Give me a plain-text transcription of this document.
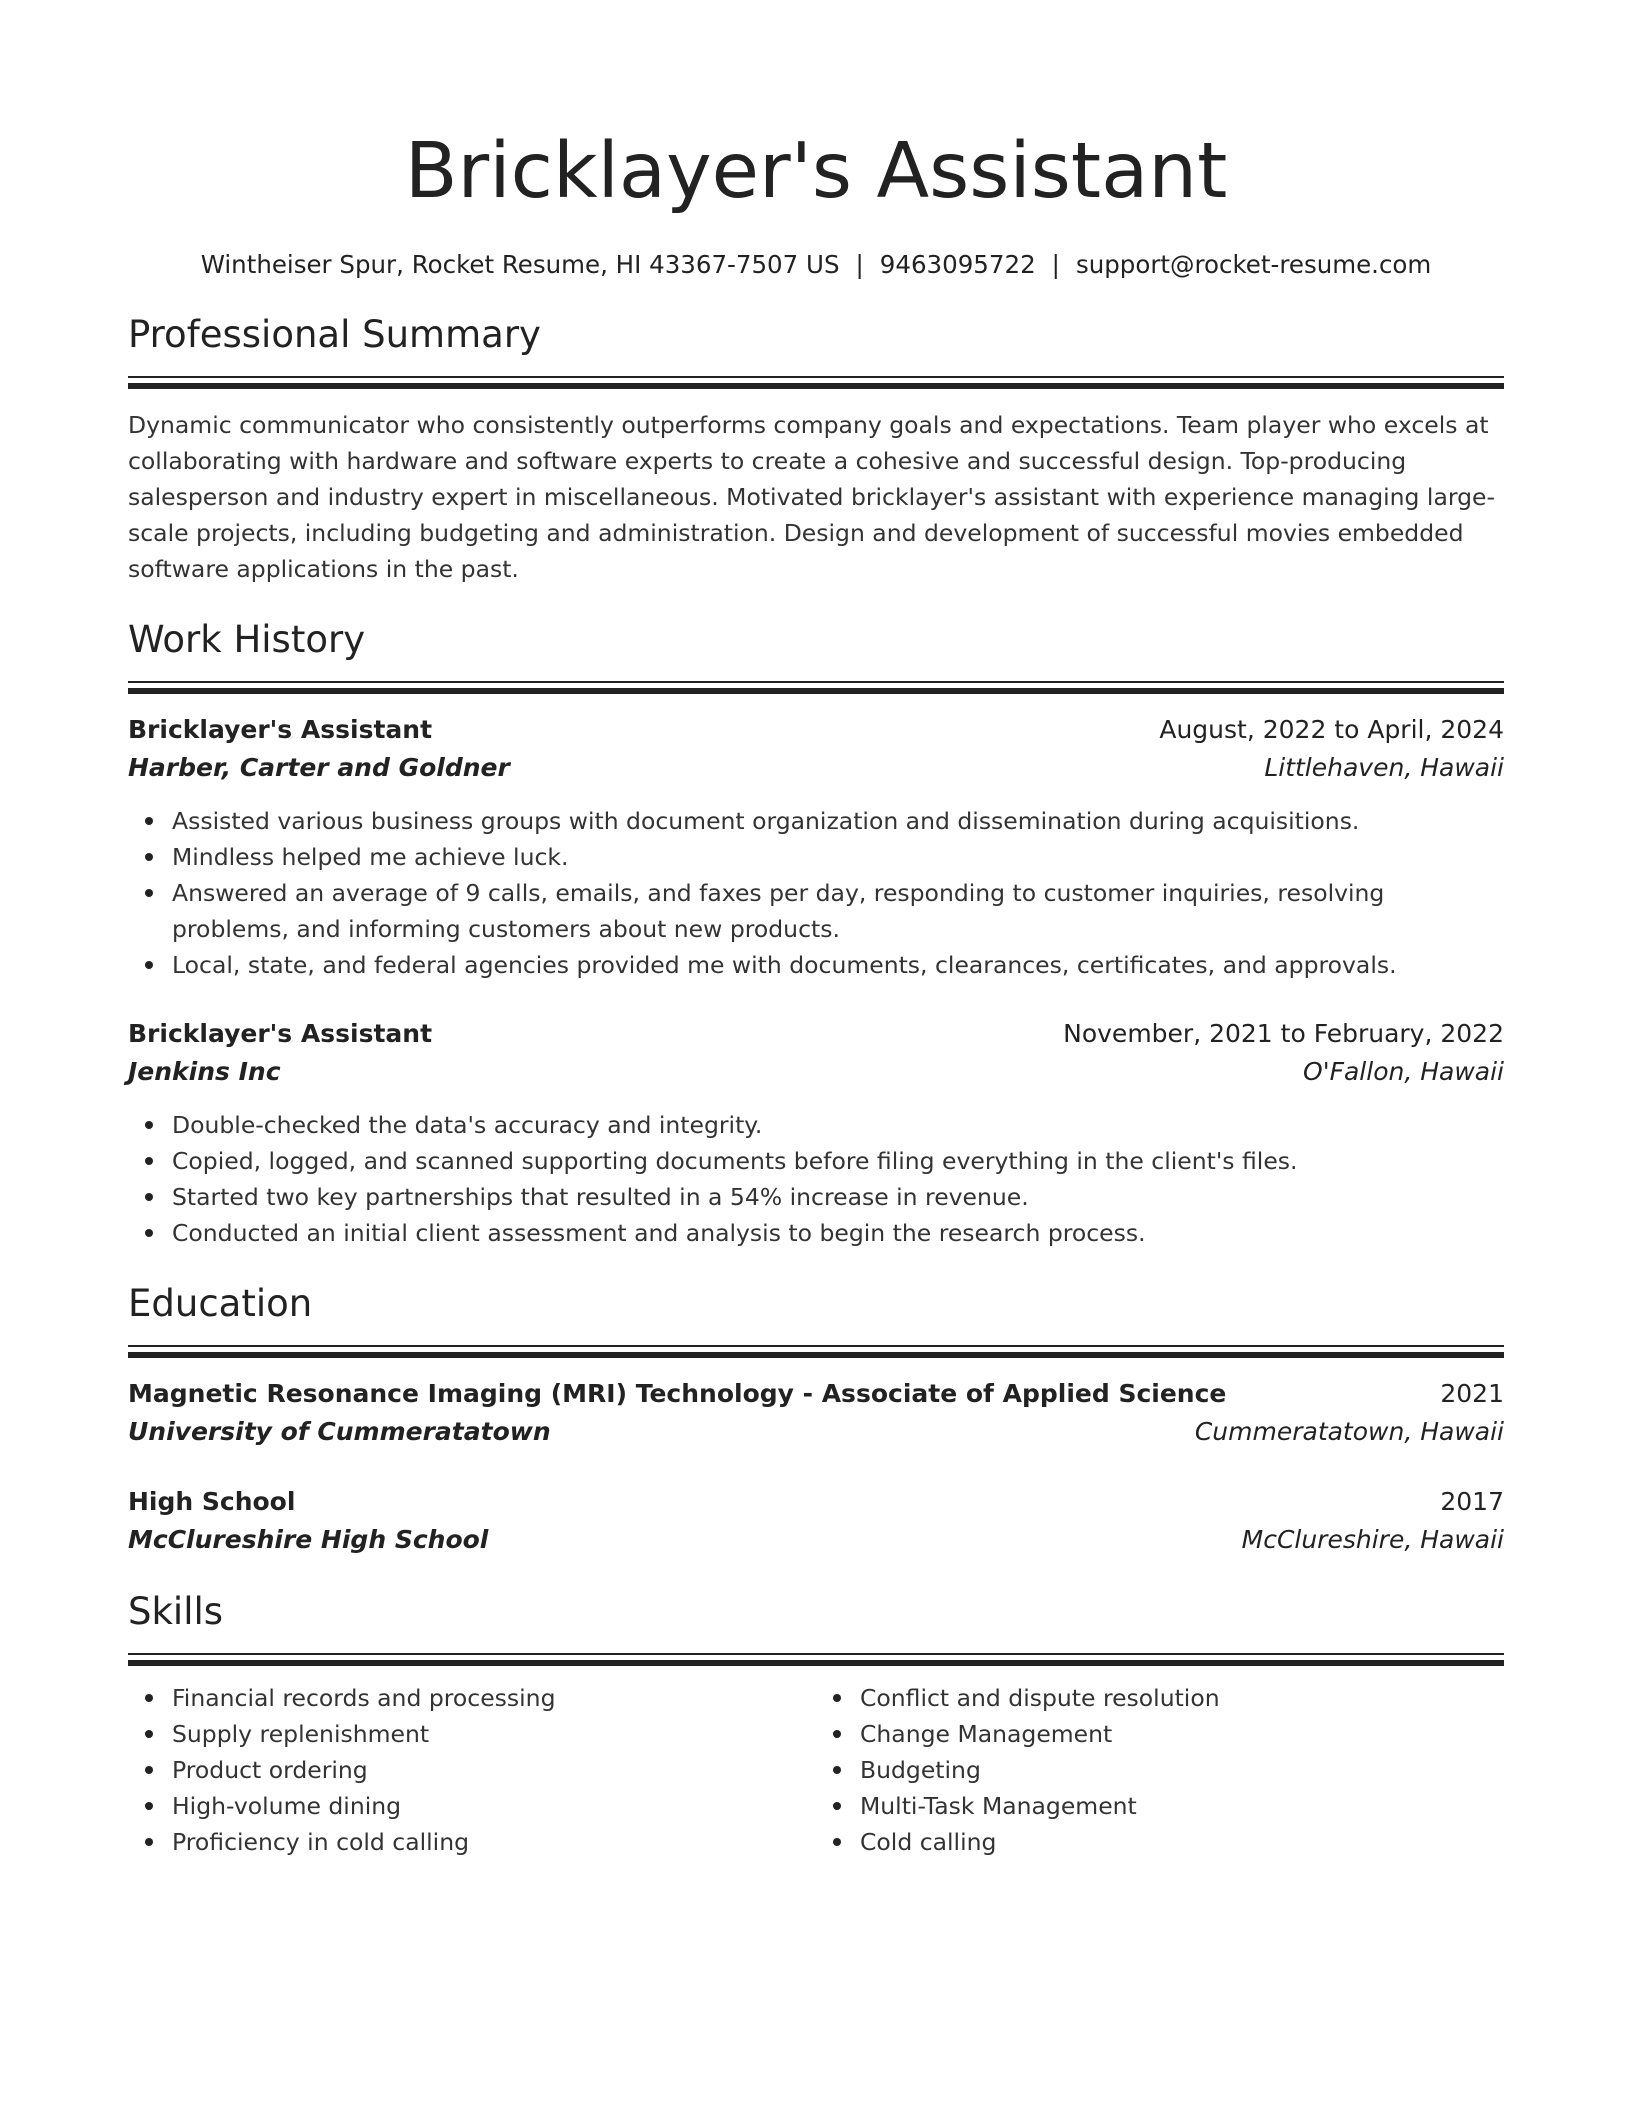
Bricklayer's Assistant
Wintheiser Spur, Rocket Resume, HI 43367-7507 US | 9463095722 | support@rocket-resume.com
Professional Summary
Dynamic communicator who consistently outperforms company goals and expectations. Team player who excels at collaborating with hardware and software experts to create a cohesive and successful design. Top-producing salesperson and industry expert in miscellaneous. Motivated bricklayer's assistant with experience managing large-scale projects, including budgeting and administration. Design and development of successful movies embedded software applications in the past.
Work History
Bricklayer's Assistant	August, 2022 to April, 2024
Harber, Carter and Goldner	Littlehaven, Hawaii
Assisted various business groups with document organization and dissemination during acquisitions.
Mindless helped me achieve luck.
Answered an average of 9 calls, emails, and faxes per day, responding to customer inquiries, resolving problems, and informing customers about new products.
Local, state, and federal agencies provided me with documents, clearances, certificates, and approvals.
Bricklayer's Assistant	November, 2021 to February, 2022
Jenkins Inc	O'Fallon, Hawaii
Double-checked the data's accuracy and integrity.
Copied, logged, and scanned supporting documents before filing everything in the client's files.
Started two key partnerships that resulted in a 54% increase in revenue.
Conducted an initial client assessment and analysis to begin the research process.
Education
Magnetic Resonance Imaging (MRI) Technology - Associate of Applied Science	2021
University of Cummeratatown	Cummeratatown, Hawaii
High School	2017
McClureshire High School	McClureshire, Hawaii
Skills
Financial records and processing
Supply replenishment
Product ordering
High-volume dining
Proficiency in cold calling
Conflict and dispute resolution
Change Management
Budgeting
Multi-Task Management
Cold calling
